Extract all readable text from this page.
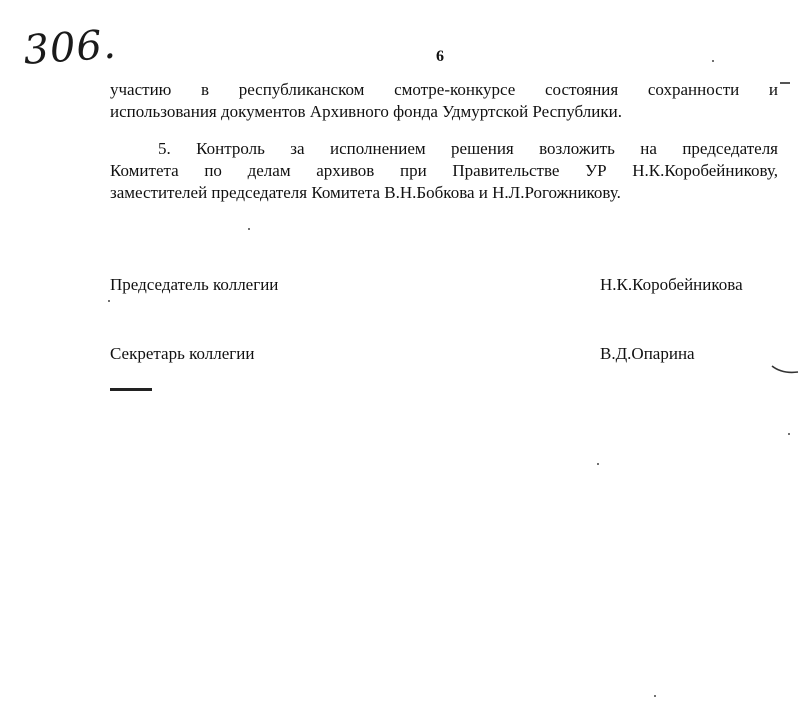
306.	6
участию в республиканском смотре-конкурсе состояния сохранности и
использования документов Архивного фонда Удмуртской Республики.
5. Контроль за исполнением решения возложить на председателя
Комитета по делам архивов при Правительстве УР Н.К.Коробейникову,
заместителей председателя Комитета В.Н.Бобкова и Н.Л.Рогожникову.
Председатель коллегии	Н.К.Коробейникова
Секретарь коллегии	В.Д.Опарина
